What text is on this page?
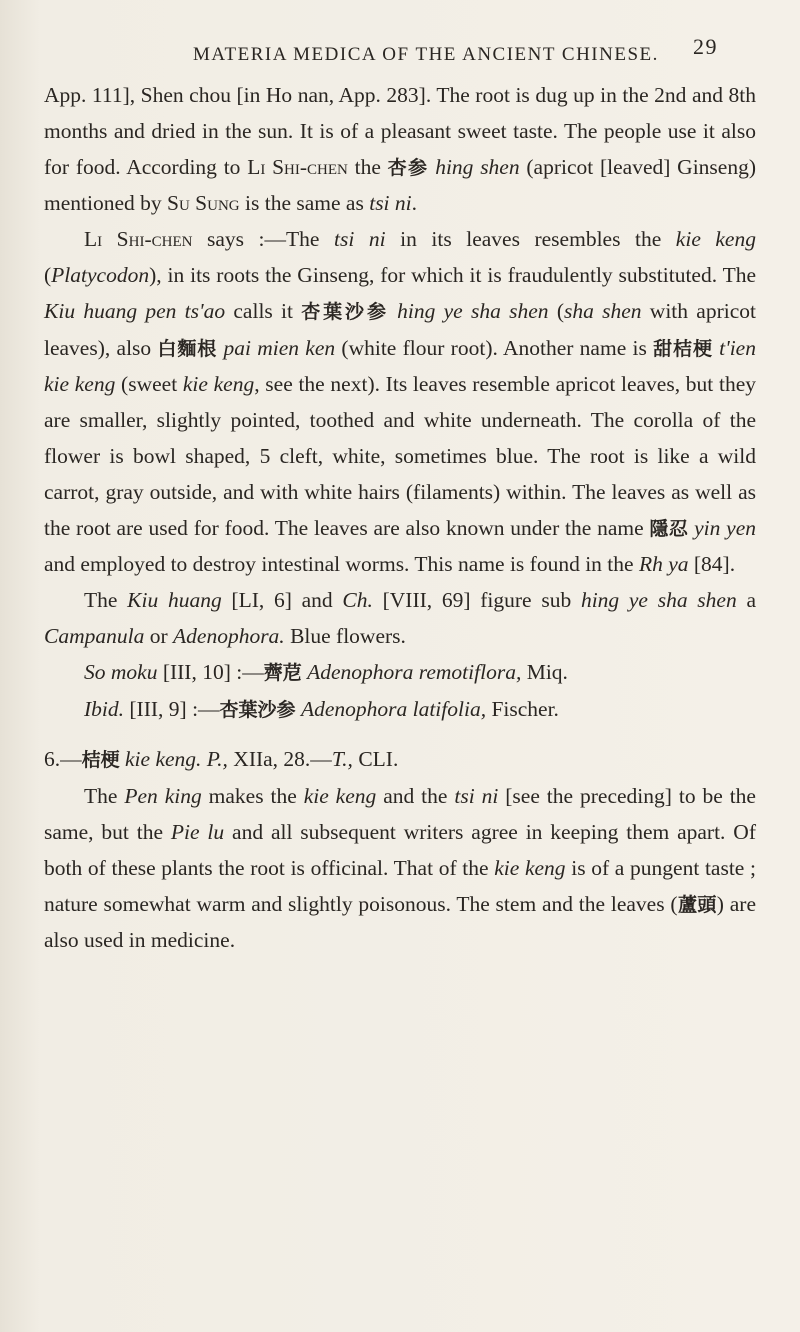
MATERIA MEDICA OF THE ANCIENT CHINESE. 29

App. 111], Shen chou [in Ho nan, App. 283]. The root is dug up in the 2nd and 8th months and dried in the sun. It is of a pleasant sweet taste. The people use it also for food. According to Li Shi-chen the 杏参 hing shen (apricot [leaved] Ginseng) mentioned by Su Sung is the same as tsi ni.

Li Shi-chen says :—The tsi ni in its leaves resembles the kie keng (Platycodon), in its roots the Ginseng, for which it is fraudulently substituted. The Kiu huang pen ts'ao calls it 杏葉沙参 hing ye sha shen (sha shen with apricot leaves), also 白麵根 pai mien ken (white flour root). Another name is 甜桔梗 t'ien kie keng (sweet kie keng, see the next). Its leaves resemble apricot leaves, but they are smaller, slightly pointed, toothed and white underneath. The corolla of the flower is bowl shaped, 5 cleft, white, sometimes blue. The root is like a wild carrot, gray outside, and with white hairs (filaments) within. The leaves as well as the root are used for food. The leaves are also known under the name 隱忍 yin yen and employed to destroy intestinal worms. This name is found in the Rh ya [84].

The Kiu huang [LI, 6] and Ch. [VIII, 69] figure sub hing ye sha shen a Campanula or Adenophora. Blue flowers.

So moku [III, 10] :—薺苨 Adenophora remotiflora, Miq.

Ibid. [III, 9] :—杏葉沙参 Adenophora latifolia, Fischer.

6.—桔梗 kie keng. P., XIIa, 28.—T., CLI.

The Pen king makes the kie keng and the tsi ni [see the preceding] to be the same, but the Pie lu and all subsequent writers agree in keeping them apart. Of both of these plants the root is officinal. That of the kie keng is of a pungent taste ; nature somewhat warm and slightly poisonous. The stem and the leaves (蘆頭) are also used in medicine.
